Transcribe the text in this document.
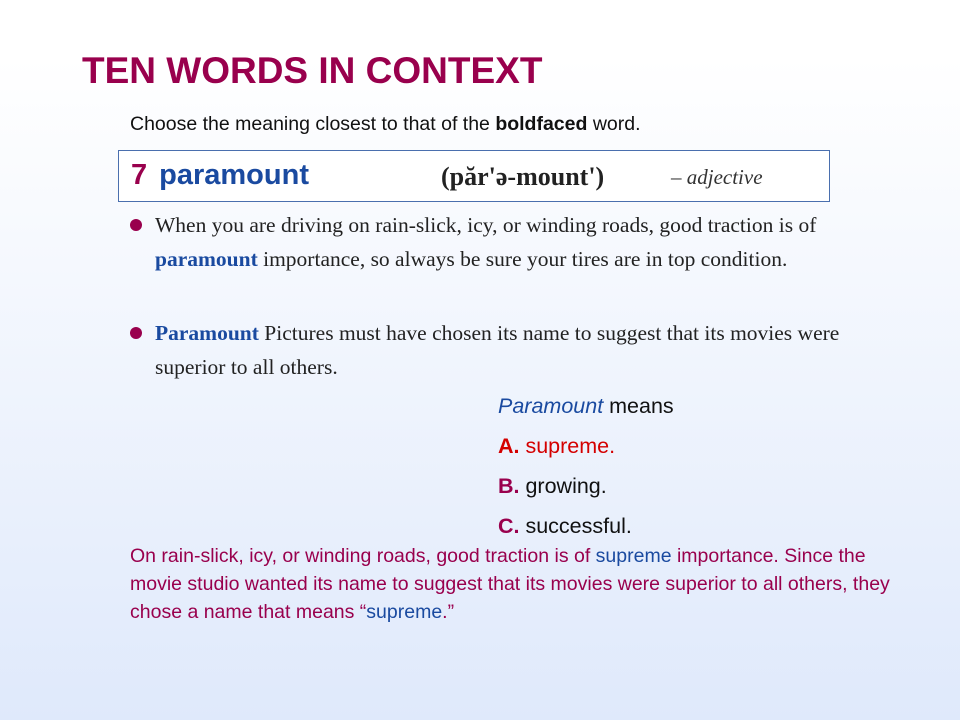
TEN WORDS IN CONTEXT
Choose the meaning closest to that of the boldfaced word.
7 paramount	(păr'ə-mount')	– adjective
When you are driving on rain-slick, icy, or winding roads, good traction is of paramount importance, so always be sure your tires are in top condition.
Paramount Pictures must have chosen its name to suggest that its movies were superior to all others.
Paramount means
A. supreme.
B. growing.
C. successful.
On rain-slick, icy, or winding roads, good traction is of supreme importance. Since the movie studio wanted its name to suggest that its movies were superior to all others, they chose a name that means “supreme.”
